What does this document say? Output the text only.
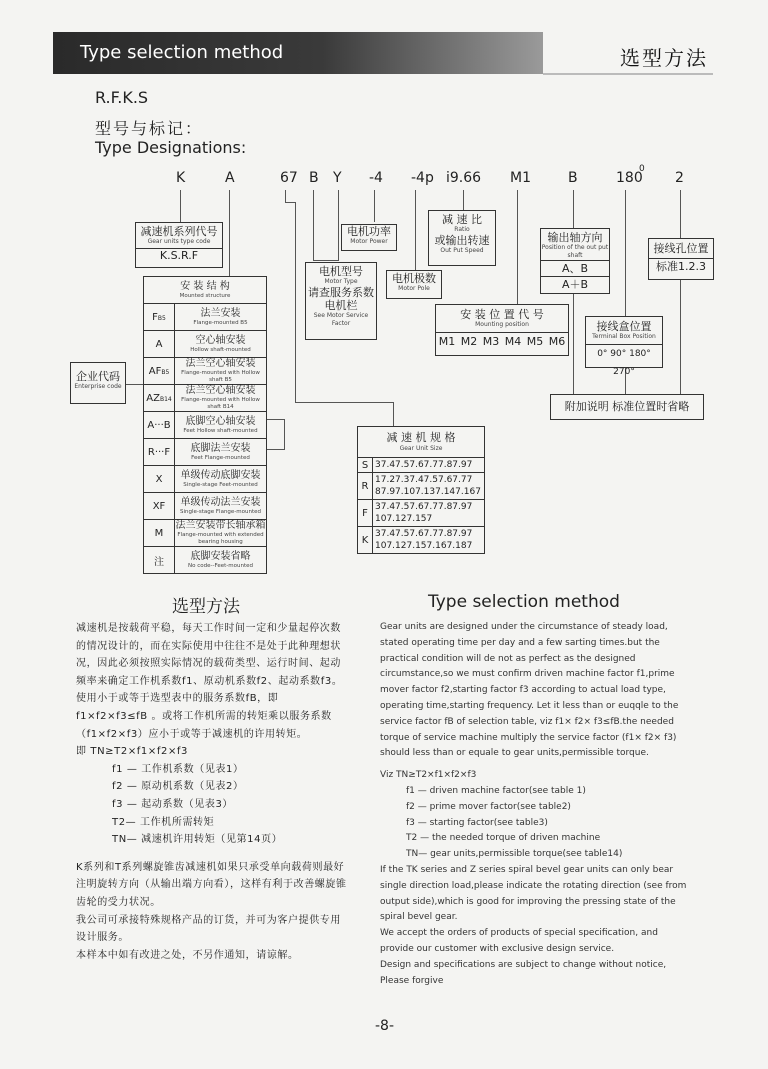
Type selection method	选型方法
R.F.K.S
型号与标记：
Type Designations:
K	A	67 B Y -4 -4p i9.66 M1	B	180
0
2
减速机系列代号
Gear units type code
K.S.R.F
电机功率
Motor Power
减 速 比
Ratio
或输出转速
Out Put Speed
输出轴方向
Position of the out put shaft
A、B
A＋B
接线孔位置
标准1.2.3
电机型号
Motor Type
请查服务系数
电机栏
See Motor Service
Factor
电机极数
Motor Pole
安 装 位 置 代 号
Mounting position
M1 M2 M3 M4 M5 M6
接线盒位置
Terminal Box Position
0° 90° 180° 270°
企业代码
Enterprise code
附加说明 标准位置时省略
安 装 结 构
Mounted structure	

FB5	法兰安装
Flange-mounted B5

A	空心轴安装
Hollow shaft-mounted

AFB5	法兰空心轴安装
Flange-mounted with Hollow shaft B5

AZB14	法兰空心轴安装
Flange-mounted with Hollow shaft B14

A···B	底脚空心轴安装
Feet Hollow shaft-mounted

R···F	底脚法兰安装
Feet Flange-mounted

X	单级传动底脚安装
Single-stage Feet-mounted

XF	单级传动法兰安装
Single-stage Flange-mounted

M	法兰安装带长轴承箱
Flange-mounted with extended bearing housing

注	底脚安装省略
No code--Feet-mounted
减 速 机 规 格
Gear Unit Size	

S	37.47.57.67.77.87.97

R	17.27.37.47.57.67.77
87.97.107.137.147.167

F	37.47.57.67.77.87.97
107.127.157

K	37.47.57.67.77.87.97
107.127.157.167.187
选型方法
减速机是按载荷平稳，每天工作时间一定和少量起停次数的情况设计的，而在实际使用中往往不是处于此种理想状况，因此必须按照实际情况的载荷类型、运行时间、起动频率来确定工作机系数f1、原动机系数f2、起动系数f3。使用小于或等于选型表中的服务系数fB，即 f1×f2×f3≤fB 。或将工作机所需的转矩乘以服务系数（f1×f2×f3）应小于或等于减速机的许用转矩。
即 TN≥T2×f1×f2×f3
f1 — 工作机系数（见表1）
f2 — 原动机系数（见表2）
f3 — 起动系数（见表3）
T2— 工作机所需转矩
TN— 减速机许用转矩（见第14页）
K系列和T系列螺旋锥齿减速机如果只承受单向载荷则最好注明旋转方向（从输出端方向看），这样有利于改善螺旋锥齿轮的受力状况。
我公司可承接特殊规格产品的订货，并可为客户提供专用设计服务。
本样本中如有改进之处，不另作通知，请谅解。
Type selection method
Gear units are designed under the circumstance of steady load, stated operating time per day and a few sarting times.but the practical condition will de not as perfect as the designed circumstance,so we must confirm driven machine factor f1,prime mover factor f2,starting factor f3 according to actual load type, operating time,starting frequency. Let it less than or euqqle to the service factor fB of selection table, viz f1× f2× f3≤fB.the needed torque of service machine multiply the service factor (f1× f2× f3) should less than or equale to gear units,permissible torque.
Viz TN≥T2×f1×f2×f3
f1 — driven machine factor(see table 1)
f2 — prime mover factor(see table2)
f3 — starting factor(see table3)
T2 — the needed torque of driven machine
TN— gear units,permissible torque(see table14)
If the TK series and Z series spiral bevel gear units can only bear single direction load,please indicate the rotating direction (see from output side),which is good for improving the pressing state of the spiral bevel gear.
We accept the orders of products of special specification, and provide our customer with exclusive design service.
Design and specifications are subject to change without notice, Please forgive
-8-
